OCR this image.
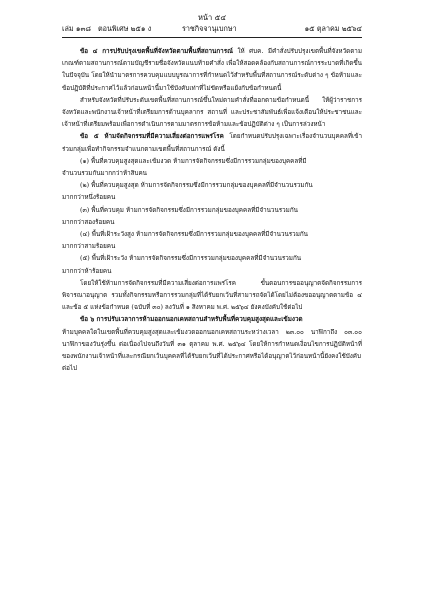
หน้า ๕๔
เล่ม ๑๓๘ ตอนพิเศษ ๒๕๑ ง	ราชกิจจานุเบกษา	๑๕ ตุลาคม ๒๕๖๔

ข้อ ๔ การปรับปรุงเขตพื้นที่จังหวัดตามพื้นที่สถานการณ์ ให้ ศบค. มีคำสั่งปรับปรุงเขตพื้นที่จังหวัดตามเกณฑ์ตามสถานการณ์ตามบัญชีรายชื่อจังหวัดแนบท้ายคำสั่ง เพื่อให้สอดคล้องกับสถานการณ์การระบาดที่เกิดขึ้นในปัจจุบัน โดยให้นำมาตรการควบคุมแบบบูรณาการที่กำหนดไว้สำหรับพื้นที่สถานการณ์ระดับต่าง ๆ ข้อห้ามและข้อปฏิบัติที่ประกาศไว้แล้วก่อนหน้านี้มาใช้บังคับเท่าที่ไม่ขัดหรือแย้งกับข้อกำหนดนี้

สำหรับจังหวัดที่ปรับระดับเขตพื้นที่สถานการณ์ขึ้นใหม่ตามคำสั่งที่ออกตามข้อกำหนดนี้ ให้ผู้ว่าราชการจังหวัดและพนักงานเจ้าหน้าที่เตรียมการด้านบุคลากร สถานที่ และประชาสัมพันธ์เพื่อแจ้งเตือนให้ประชาชนและเจ้าหน้าที่เตรียมพร้อมเพื่อการดำเนินการตามมาตรการข้อห้ามและข้อปฏิบัติต่าง ๆ เป็นการล่วงหน้า

ข้อ ๕ ห้ามจัดกิจกรรมที่มีความเสี่ยงต่อการแพร่โรค โดยกำหนดปรับปรุงเฉพาะเรื่องจำนวนบุคคลที่เข้าร่วมกลุ่มเพื่อทำกิจกรรมจำแนกตามเขตพื้นที่สถานการณ์ ดังนี้

(๑) พื้นที่ควบคุมสูงสุดและเข้มงวด ห้ามการจัดกิจกรรมซึ่งมีการรวมกลุ่มของบุคคลที่มี

จำนวนรวมกันมากกว่าห้าสิบคน

(๒) พื้นที่ควบคุมสูงสุด ห้ามการจัดกิจกรรมซึ่งมีการรวมกลุ่มของบุคคลที่มีจำนวนรวมกัน

มากกว่าหนึ่งร้อยคน

(๓) พื้นที่ควบคุม ห้ามการจัดกิจกรรมซึ่งมีการรวมกลุ่มของบุคคลที่มีจำนวนรวมกัน

มากกว่าสองร้อยคน

(๔) พื้นที่เฝ้าระวังสูง ห้ามการจัดกิจกรรมซึ่งมีการรวมกลุ่มของบุคคลที่มีจำนวนรวมกัน

มากกว่าสามร้อยคน

(๕) พื้นที่เฝ้าระวัง ห้ามการจัดกิจกรรมซึ่งมีการรวมกลุ่มของบุคคลที่มีจำนวนรวมกัน

มากกว่าห้าร้อยคน

โดยให้ใช้ห้ามการจัดกิจกรรมที่มีความเสี่ยงต่อการแพร่โรค ขั้นตอนการขออนุญาตจัดกิจกรรมการพิจารณาอนุญาต รวมทั้งกิจกรรมหรือการรวมกลุ่มที่ได้รับยกเว้นที่สามารถจัดได้โดยไม่ต้องขออนุญาตตามข้อ ๔ และข้อ ๕ แห่งข้อกำหนด (ฉบับที่ ๓๐) ลงวันที่ ๑ สิงหาคม พ.ศ. ๒๕๖๔ ยังคงบังคับใช้ต่อไป

ข้อ ๖ การปรับเวลาการห้ามออกนอกเคหสถานสำหรับพื้นที่ควบคุมสูงสุดและเข้มงวด

ห้ามบุคคลใดในเขตพื้นที่ควบคุมสูงสุดและเข้มงวดออกนอกเคหสถานระหว่างเวลา ๒๓.๐๐ นาฬิกาถึง ๐๓.๐๐ นาฬิกาของวันรุ่งขึ้น ต่อเนื่องไปจนถึงวันที่ ๓๑ ตุลาคม พ.ศ. ๒๕๖๔ โดยให้การกำหนดเงื่อนไขการปฏิบัติหน้าที่ของพนักงานเจ้าหน้าที่และกรณียกเว้นบุคคลที่ได้รับยกเว้นที่ได้ประกาศหรือได้อนุญาตไว้ก่อนหน้านี้ยังคงใช้บังคับต่อไป
